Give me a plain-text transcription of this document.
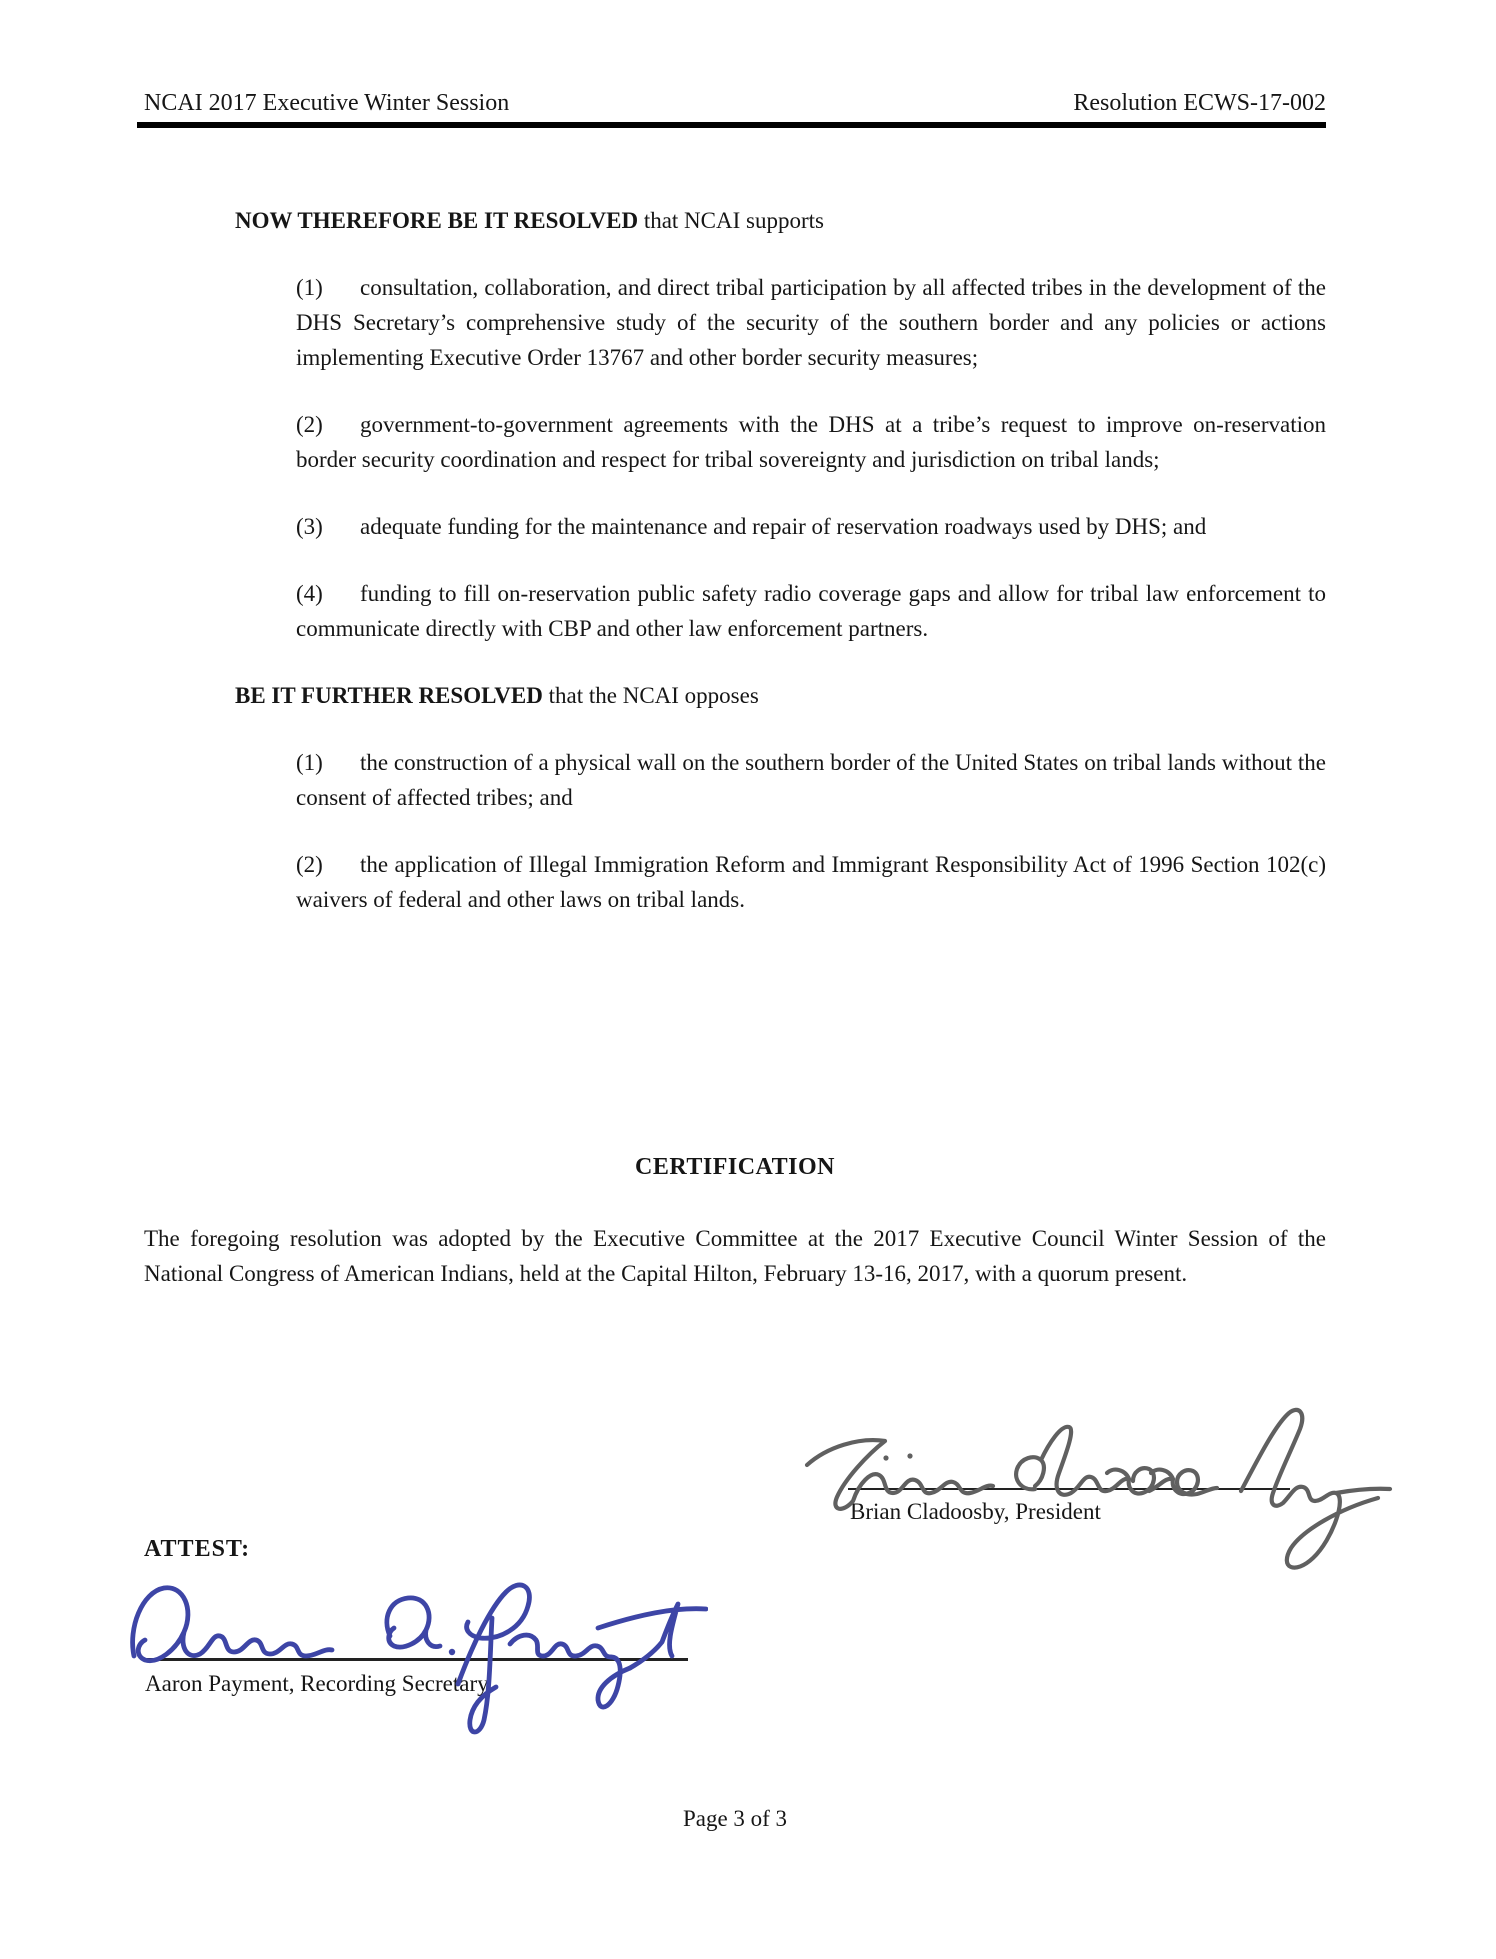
NCAI 2017 Executive Winter Session	Resolution ECWS-17-002
NOW THEREFORE BE IT RESOLVED that NCAI supports
(1) consultation, collaboration, and direct tribal participation by all affected tribes in the development of the DHS Secretary’s comprehensive study of the security of the southern border and any policies or actions implementing Executive Order 13767 and other border security measures;
(2) government-to-government agreements with the DHS at a tribe’s request to improve on-reservation border security coordination and respect for tribal sovereignty and jurisdiction on tribal lands;
(3) adequate funding for the maintenance and repair of reservation roadways used by DHS; and
(4) funding to fill on-reservation public safety radio coverage gaps and allow for tribal law enforcement to communicate directly with CBP and other law enforcement partners.
BE IT FURTHER RESOLVED that the NCAI opposes
(1) the construction of a physical wall on the southern border of the United States on tribal lands without the consent of affected tribes; and
(2) the application of Illegal Immigration Reform and Immigrant Responsibility Act of 1996 Section 102(c) waivers of federal and other laws on tribal lands.
CERTIFICATION
The foregoing resolution was adopted by the Executive Committee at the 2017 Executive Council Winter Session of the National Congress of American Indians, held at the Capital Hilton, February 13-16, 2017, with a quorum present.
Brian Cladoosby, President
ATTEST:
Aaron Payment, Recording Secretary
Page 3 of 3
